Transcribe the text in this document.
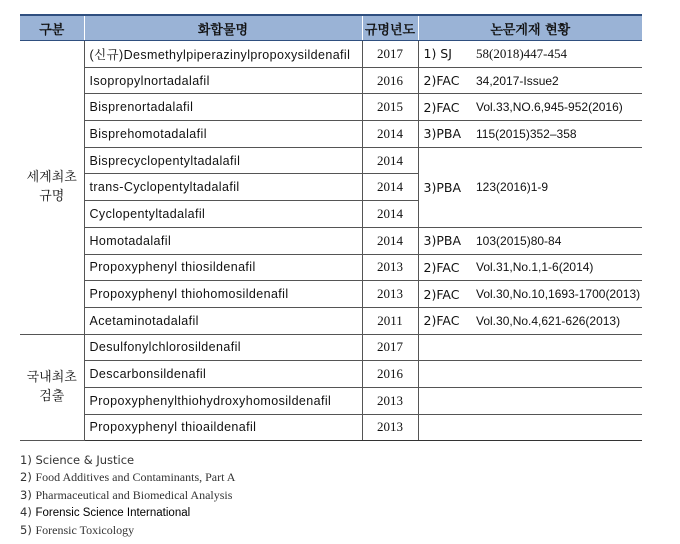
구분	화합물명	규명년도	논문게재 현황	
세계최초 규명	(신규)Desmethylpiperazinylpropoxysildenafil	2017	1) SJ	58(2018)447-454
	Isopropylnortadalafil	2016	2)FAC	34,2017-Issue2
	Bisprenortadalafil	2015	2)FAC	Vol.33,NO.6,945-952(2016)
	Bisprehomotadalafil	2014	3)PBA	115(2015)352–358
	Bisprecyclopentyltadalafil	2014	3)PBA	123(2016)1-9
	trans-Cyclopentyltadalafil	2014		
	Cyclopentyltadalafil	2014		
	Homotadalafil	2014	3)PBA	103(2015)80-84
	Propoxyphenyl thiosildenafil	2013	2)FAC	Vol.31,No.1,1-6(2014)
	Propoxyphenyl thiohomosildenafil	2013	2)FAC	Vol.30,No.10,1693-1700(2013)
	Acetaminotadalafil	2011	2)FAC	Vol.30,No.4,621-626(2013)
국내최초 검출	Desulfonylchlorosildenafil	2017		
	Descarbonsildenafil	2016		
	Propoxyphenylthiohydroxyhomosildenafil	2013		
	Propoxyphenyl thioaildenafil	2013		
1) Science & Justice
2) Food Additives and Contaminants, Part A
3) Pharmaceutical and Biomedical Analysis
4) Forensic Science International
5) Forensic Toxicology
